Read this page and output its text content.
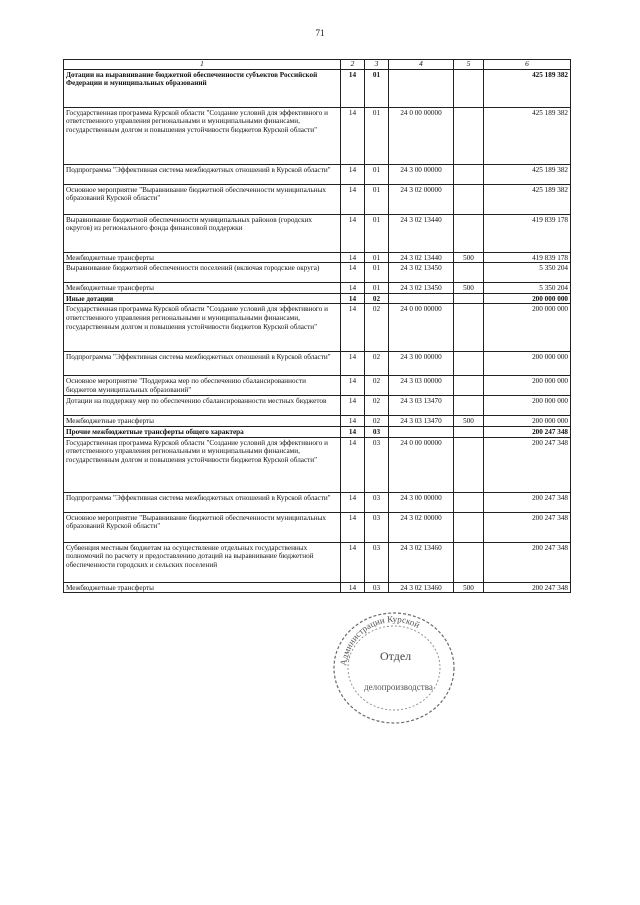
71
1	2	3	4	5	6
Дотации на выравнивание бюджетной обеспеченности субъектов Российской Федерации и муниципальных образований	14	01			425 189 382
Государственная программа Курской области "Создание условий для эффективного и ответственного управления региональными и муниципальными финансами, государственным долгом и повышения устойчивости бюджетов Курской области"	14	01	24 0 00 00000		425 189 382
Подпрограмма "Эффективная система межбюджетных отношений в Курской области"	14	01	24 3 00 00000		425 189 382
Основное мероприятие "Выравнивание бюджетной обеспеченности муниципальных образований Курской области"	14	01	24 3 02 00000		425 189 382
Выравнивание бюджетной обеспеченности муниципальных районов (городских округов) из регионального фонда финансовой поддержки	14	01	24 3 02 13440		419 839 178
Межбюджетные трансферты	14	01	24 3 02 13440	500	419 839 178
Выравнивание бюджетной обеспеченности поселений (включая городские округа)	14	01	24 3 02 13450		5 350 204
Межбюджетные трансферты	14	01	24 3 02 13450	500	5 350 204
Иные дотации	14	02			200 000 000
Государственная программа Курской области "Создание условий для эффективного и ответственного управления региональными и муниципальными финансами, государственным долгом и повышения устойчивости бюджетов Курской области"	14	02	24 0 00 00000		200 000 000
Подпрограмма "Эффективная система межбюджетных отношений в Курской области"	14	02	24 3 00 00000		200 000 000
Основное мероприятие "Поддержка мер по обеспечению сбалансированности бюджетов муниципальных образований"	14	02	24 3 03 00000		200 000 000
Дотации на поддержку мер по обеспечению сбалансированности местных бюджетов	14	02	24 3 03 13470		200 000 000
Межбюджетные трансферты	14	02	24 3 03 13470	500	200 000 000
Прочие межбюджетные трансферты общего характера	14	03			200 247 348
Государственная программа Курской области "Создание условий для эффективного и ответственного управления региональными и муниципальными финансами, государственным долгом и повышения устойчивости бюджетов Курской области"	14	03	24 0 00 00000		200 247 348
Подпрограмма "Эффективная система межбюджетных отношений в Курской области"	14	03	24 3 00 00000		200 247 348
Основное мероприятие "Выравнивание бюджетной обеспеченности муниципальных образований Курской области"	14	03	24 3 02 00000		200 247 348
Субвенция местным бюджетам на осуществление отдельных государственных полномочий по расчету и предоставлению дотаций на выравнивание бюджетной обеспеченности городских и сельских поселений	14	03	24 3 02 13460		200 247 348
Межбюджетные трансферты	14	03	24 3 02 13460	500	200 247 348
Администрации Курской
Отдел
делопроизводства
